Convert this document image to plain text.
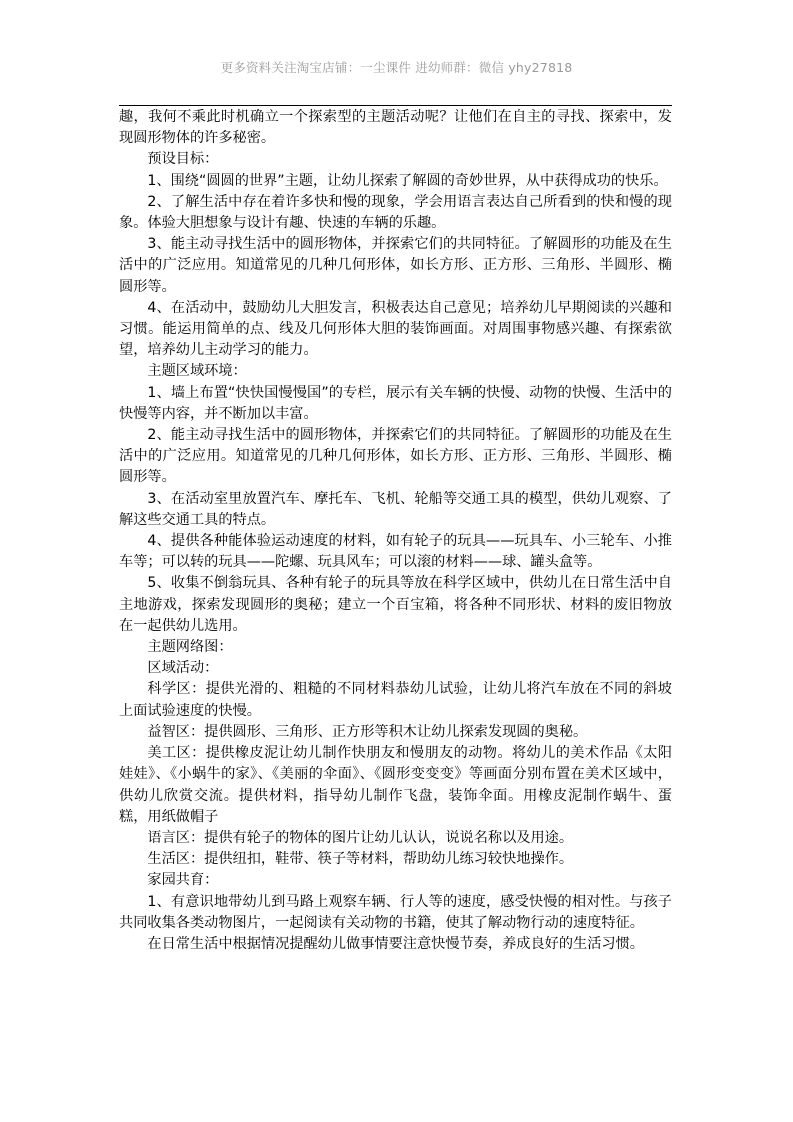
更多资料关注淘宝店铺：一尘课件 进幼师群：微信 yhy27818

趣，我何不乘此时机确立一个探索型的主题活动呢？让他们在自主的寻找、探索中，发现圆形物体的许多秘密。

预设目标：

1、围绕“圆圆的世界”主题，让幼儿探索了解圆的奇妙世界，从中获得成功的快乐。

2、了解生活中存在着许多快和慢的现象，学会用语言表达自己所看到的快和慢的现象。体验大胆想象与设计有趣、快速的车辆的乐趣。

3、能主动寻找生活中的圆形物体，并探索它们的共同特征。了解圆形的功能及在生活中的广泛应用。知道常见的几种几何形体，如长方形、正方形、三角形、半圆形、椭圆形等。

4、在活动中，鼓励幼儿大胆发言，积极表达自己意见；培养幼儿早期阅读的兴趣和习惯。能运用简单的点、线及几何形体大胆的装饰画面。对周围事物感兴趣、有探索欲望，培养幼儿主动学习的能力。

主题区域环境：

1、墙上布置“快快国慢慢国”的专栏，展示有关车辆的快慢、动物的快慢、生活中的快慢等内容，并不断加以丰富。

2、能主动寻找生活中的圆形物体，并探索它们的共同特征。了解圆形的功能及在生活中的广泛应用。知道常见的几种几何形体，如长方形、正方形、三角形、半圆形、椭圆形等。

3、在活动室里放置汽车、摩托车、飞机、轮船等交通工具的模型，供幼儿观察、了解这些交通工具的特点。

4、提供各种能体验运动速度的材料，如有轮子的玩具——玩具车、小三轮车、小推车等；可以转的玩具——陀螺、玩具风车；可以滚的材料——球、罐头盒等。

5、收集不倒翁玩具、各种有轮子的玩具等放在科学区域中，供幼儿在日常生活中自主地游戏，探索发现圆形的奥秘；建立一个百宝箱，将各种不同形状、材料的废旧物放在一起供幼儿选用。

主题网络图：

区域活动：

科学区：提供光滑的、粗糙的不同材料恭幼儿试验，让幼儿将汽车放在不同的斜坡上面试验速度的快慢。

益智区：提供圆形、三角形、正方形等积木让幼儿探索发现圆的奥秘。

美工区：提供橡皮泥让幼儿制作快朋友和慢朋友的动物。将幼儿的美术作品《太阳娃娃》、《小蜗牛的家》、《美丽的伞面》、《圆形变变变》等画面分别布置在美术区域中，供幼儿欣赏交流。提供材料，指导幼儿制作飞盘，装饰伞面。用橡皮泥制作蜗牛、蛋糕，用纸做帽子

语言区：提供有轮子的物体的图片让幼儿认认，说说名称以及用途。

生活区：提供纽扣，鞋带、筷子等材料，帮助幼儿练习较快地操作。

家园共育：

1、有意识地带幼儿到马路上观察车辆、行人等的速度，感受快慢的相对性。与孩子共同收集各类动物图片，一起阅读有关动物的书籍，使其了解动物行动的速度特征。

在日常生活中根据情况提醒幼儿做事情要注意快慢节奏，养成良好的生活习惯。
